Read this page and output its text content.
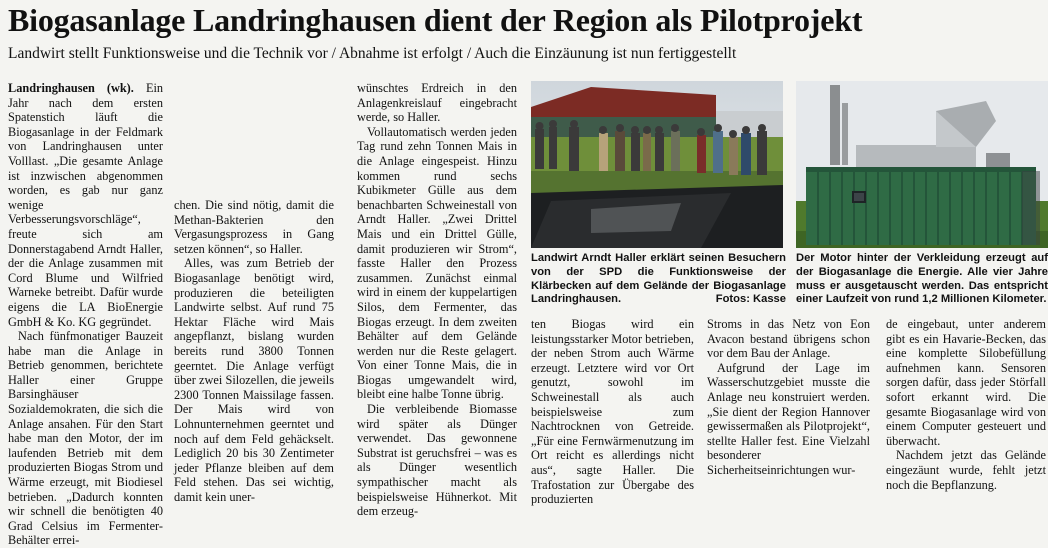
Biogasanlage Landringhausen dient der Region als Pilotprojekt
Landwirt stellt Funktionsweise und die Technik vor / Abnahme ist erfolgt / Auch die Einzäunung ist nun fertiggestellt

Landringhausen (wk). Ein Jahr nach dem ersten Spatenstich läuft die Biogasanlage in der Feldmark von Landringhausen unter Volllast. „Die gesamte Anlage ist inzwischen abgenommen worden, es gab nur ganz wenige Verbesserungsvorschläge“, freute sich am Donnerstagabend Arndt Haller, der die Anlage zusammen mit Cord Blume und Wilfried Warneke betreibt. Dafür wurde eigens die LA BioEnergie GmbH & Ko. KG gegründet.

Nach fünfmonatiger Bauzeit habe man die Anlage in Betrieb genommen, berichtete Haller einer Gruppe Barsinghäuser Sozialdemokraten, die sich die Anlage ansahen. Für den Start habe man den Motor, der im laufenden Betrieb mit dem produzierten Biogas Strom und Wärme erzeugt, mit Biodiesel betrieben. „Dadurch konnten wir schnell die benötigten 40 Grad Celsius im Fermenter-Behälter errei-

chen. Die sind nötig, damit die Methan-Bakterien den Vergasungsprozess in Gang setzen können“, so Haller.

Alles, was zum Betrieb der Biogasanlage benötigt wird, produzieren die beteiligten Landwirte selbst. Auf rund 75 Hektar Fläche wird Mais angepflanzt, bislang wurden bereits rund 3800 Tonnen geerntet. Die Anlage verfügt über zwei Silozellen, die jeweils 2300 Tonnen Maissilage fassen. Der Mais wird von Lohnunternehmen geerntet und noch auf dem Feld gehäckselt. Lediglich 20 bis 30 Zentimeter jeder Pflanze bleiben auf dem Feld stehen. Das sei wichtig, damit kein uner-

wünschtes Erdreich in den Anlagenkreislauf eingebracht werde, so Haller.

Vollautomatisch werden jeden Tag rund zehn Tonnen Mais in die Anlage eingespeist. Hinzu kommen rund sechs Kubikmeter Gülle aus dem benachbarten Schweinestall von Arndt Haller. „Zwei Drittel Mais und ein Drittel Gülle, damit produzieren wir Strom“, fasste Haller den Prozess zusammen. Zunächst einmal wird in einem der kuppelartigen Silos, dem Fermenter, das Biogas erzeugt. In dem zweiten Behälter auf dem Gelände werden nur die Reste gelagert. Von einer Tonne Mais, die in Biogas umgewandelt wird, bleibt eine halbe Tonne übrig.

Die verbleibende Biomasse wird später als Dünger verwendet. Das gewonnene Substrat ist geruchsfrei – was es als Dünger wesentlich sympathischer macht als beispielsweise Hühnerkot. Mit dem erzeug-

Landwirt Arndt Haller erklärt seinen Besuchern von der SPD die Funktionsweise der Klärbecken auf dem Gelände der Biogasanlage Landringhausen.	Fotos: Kasse
Der Motor hinter der Verkleidung erzeugt auf der Biogasanlage die Energie. Alle vier Jahre muss er ausgetauscht werden. Das entspricht einer Laufzeit von rund 1,2 Millionen Kilometer.

ten Biogas wird ein leistungsstarker Motor betrieben, der neben Strom auch Wärme erzeugt. Letztere wird vor Ort genutzt, sowohl im Schweinestall als auch beispielsweise zum Nachtrocknen von Getreide. „Für eine Fernwärmenutzung im Ort reicht es allerdings nicht aus“, sagte Haller. Die Trafostation zur Übergabe des produzierten

Stroms in das Netz von Eon Avacon bestand übrigens schon vor dem Bau der Anlage.

Aufgrund der Lage im Wasserschutzgebiet musste die Anlage neu konstruiert werden. „Sie dient der Region Hannover gewissermaßen als Pilotprojekt“, stellte Haller fest. Eine Vielzahl besonderer Sicherheitseinrichtungen wur-

de eingebaut, unter anderem gibt es ein Havarie-Becken, das eine komplette Silobefüllung aufnehmen kann. Sensoren sorgen dafür, dass jeder Störfall sofort erkannt wird. Die gesamte Biogasanlage wird von einem Computer gesteuert und überwacht.

Nachdem jetzt das Gelände eingezäunt wurde, fehlt jetzt noch die Bepflanzung.
